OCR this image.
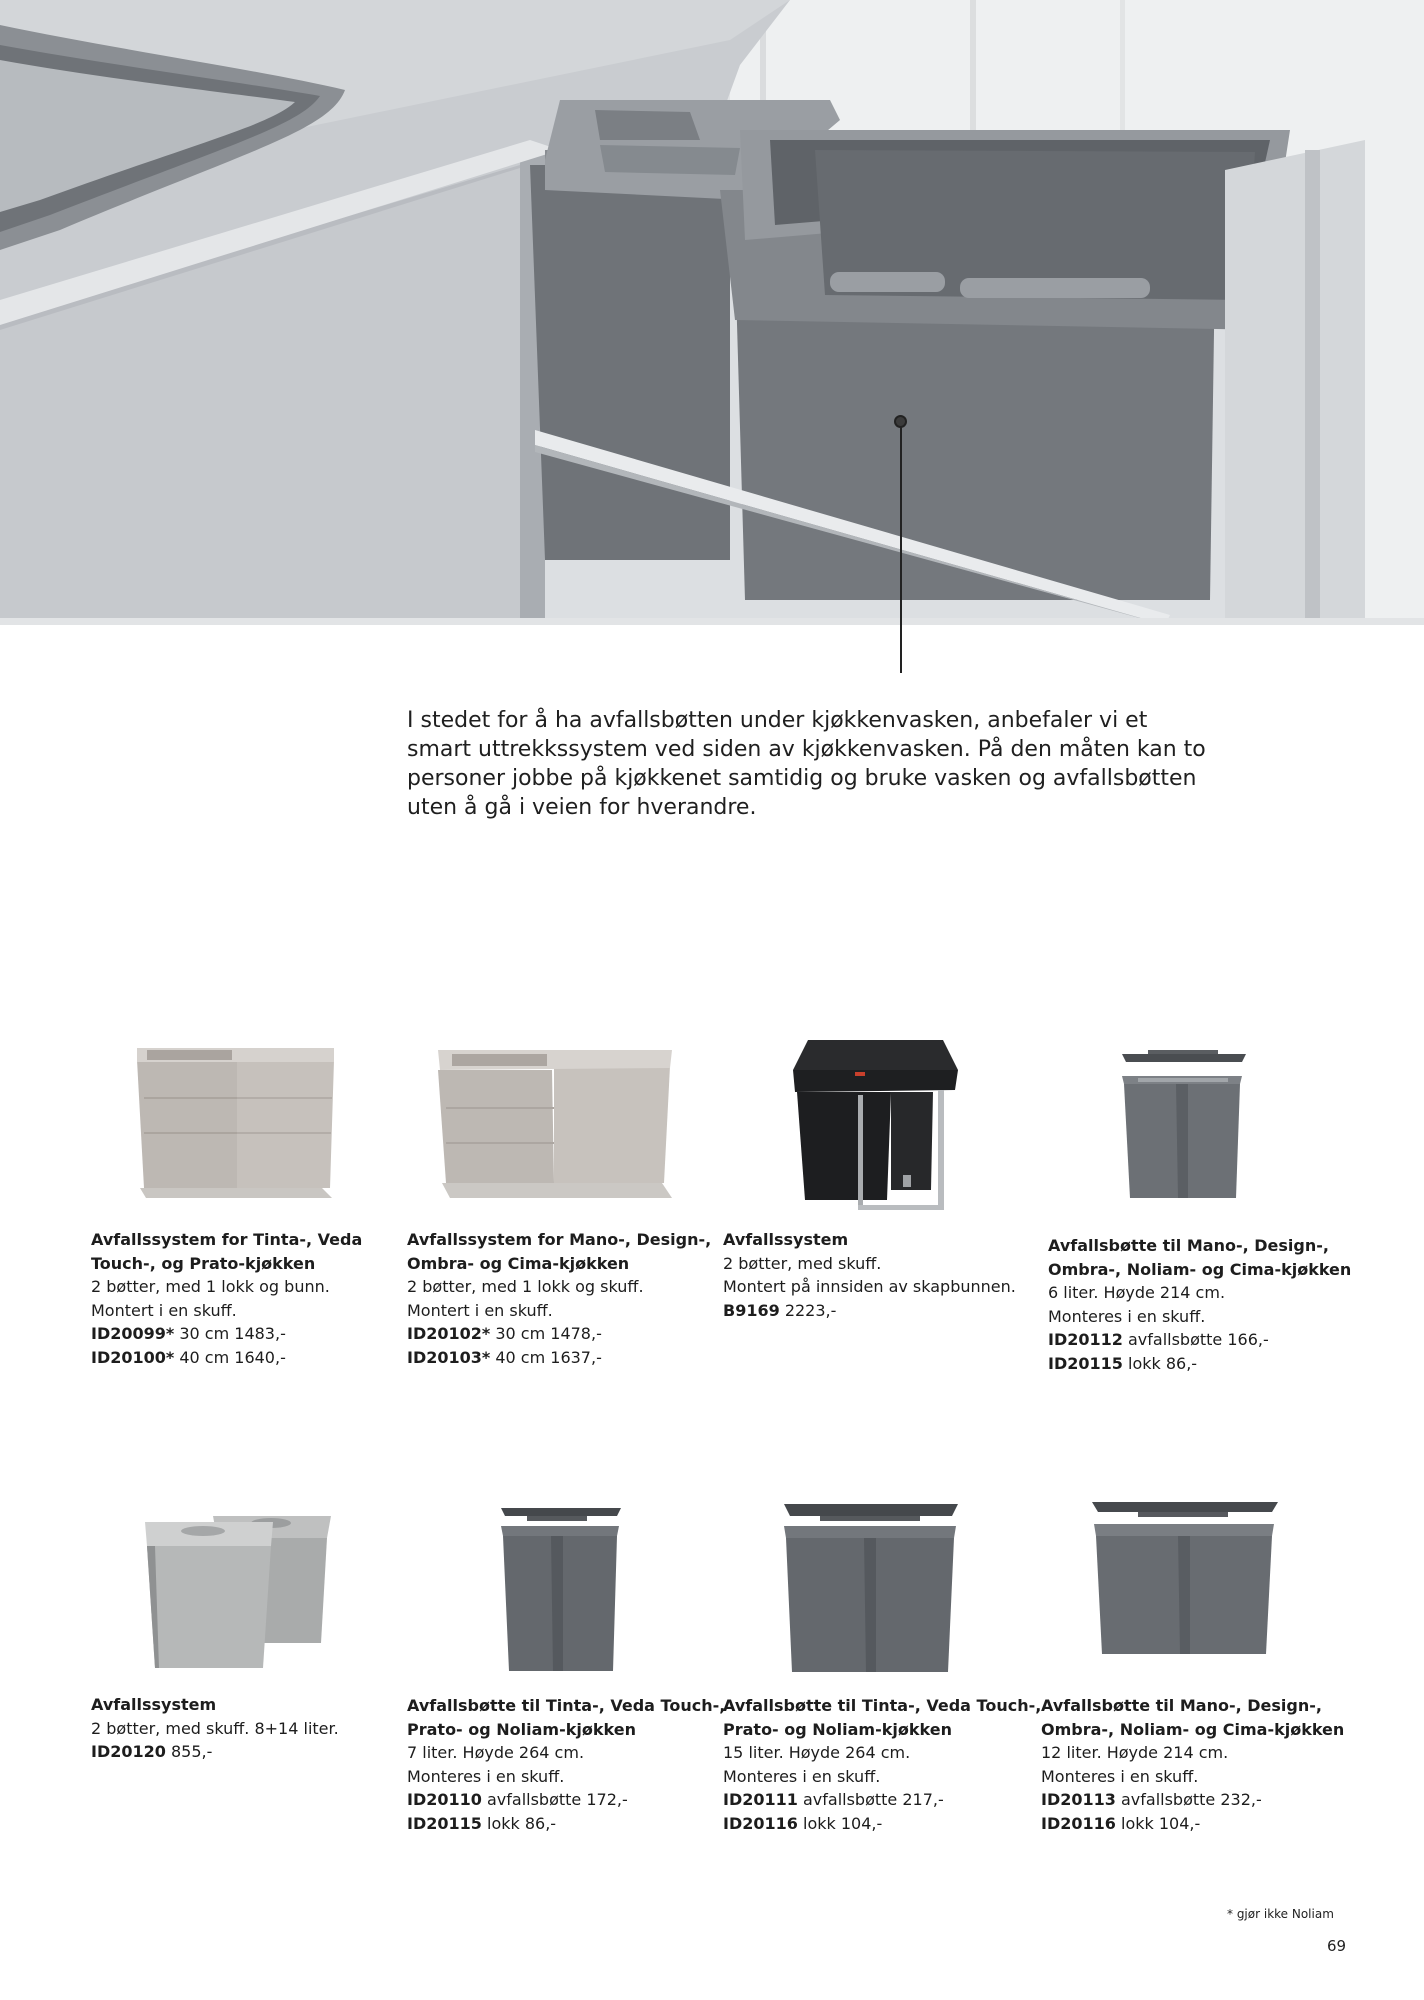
I stedet for å ha avfallsbøtten under kjøkkenvasken, anbefaler vi et
smart uttrekkssystem ved siden av kjøkkenvasken. På den måten kan to
personer jobbe på kjøkkenet samtidig og bruke vasken og avfallsbøtten
uten å gå i veien for hverandre.
Avfallssystem for Tinta-, Veda
Touch-, og Prato-kjøkken
2 bøtter, med 1 lokk og bunn.
Montert i en skuff.
ID20099* 30 cm 1483,-
ID20100* 40 cm 1640,-
Avfallssystem for Mano-, Design-,
Ombra- og Cima-kjøkken
2 bøtter, med 1 lokk og skuff.
Montert i en skuff.
ID20102* 30 cm 1478,-
ID20103* 40 cm 1637,-
Avfallssystem
2 bøtter, med skuff.
Montert på innsiden av skapbunnen.
B9169 2223,-
Avfallsbøtte til Mano-, Design-,
Ombra-, Noliam- og Cima-kjøkken
6 liter. Høyde 214 cm.
Monteres i en skuff.
ID20112 avfallsbøtte 166,-
ID20115 lokk 86,-
Avfallssystem
2 bøtter, med skuff. 8+14 liter.
ID20120 855,-
Avfallsbøtte til Tinta-, Veda Touch-,
Prato- og Noliam-kjøkken
7 liter. Høyde 264 cm.
Monteres i en skuff.
ID20110 avfallsbøtte 172,-
ID20115 lokk 86,-
Avfallsbøtte til Tinta-, Veda Touch-,
Prato- og Noliam-kjøkken
15 liter. Høyde 264 cm.
Monteres i en skuff.
ID20111 avfallsbøtte 217,-
ID20116 lokk 104,-
Avfallsbøtte til Mano-, Design-,
Ombra-, Noliam- og Cima-kjøkken
12 liter. Høyde 214 cm.
Monteres i en skuff.
ID20113 avfallsbøtte 232,-
ID20116 lokk 104,-
* gjør ikke Noliam
69
